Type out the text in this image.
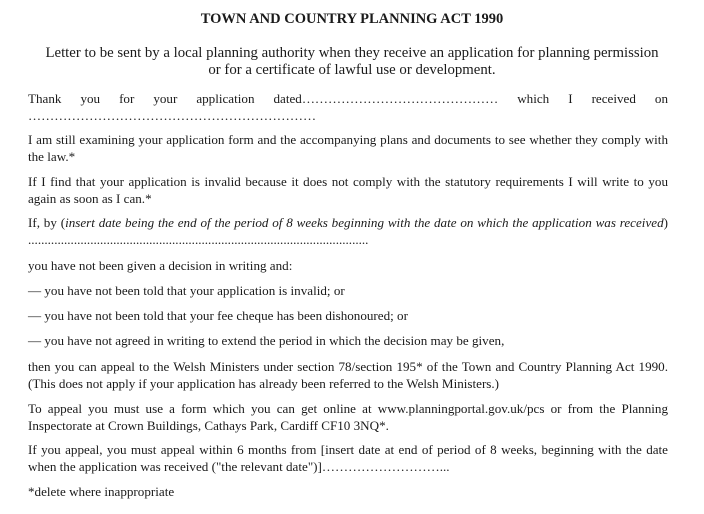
TOWN AND COUNTRY PLANNING ACT 1990
Letter to be sent by a local planning authority when they receive an application for planning permission or for a certificate of lawful use or development.
Thank you for your application dated……………………………………… which I received on
…………………………………………………………
I am still examining your application form and the accompanying plans and documents to see whether they comply with the law.*
If I find that your application is invalid because it does not comply with the statutory requirements I will write to you again as soon as I can.*
If, by (insert date being the end of the period of 8 weeks beginning with the date on which the application was received) ........................................................................................................
you have not been given a decision in writing and:
— you have not been told that your application is invalid; or
— you have not been told that your fee cheque has been dishonoured; or
— you have not agreed in writing to extend the period in which the decision may be given,
then you can appeal to the Welsh Ministers under section 78/section 195* of the Town and Country Planning Act 1990. (This does not apply if your application has already been referred to the Welsh Ministers.)
To appeal you must use a form which you can get online at www.planningportal.gov.uk/pcs or from the Planning Inspectorate at Crown Buildings, Cathays Park, Cardiff CF10 3NQ*.
If you appeal, you must appeal within 6 months from [insert date at end of period of 8 weeks, beginning with the date when the application was received ("the relevant date")]………………………...
*delete where inappropriate
